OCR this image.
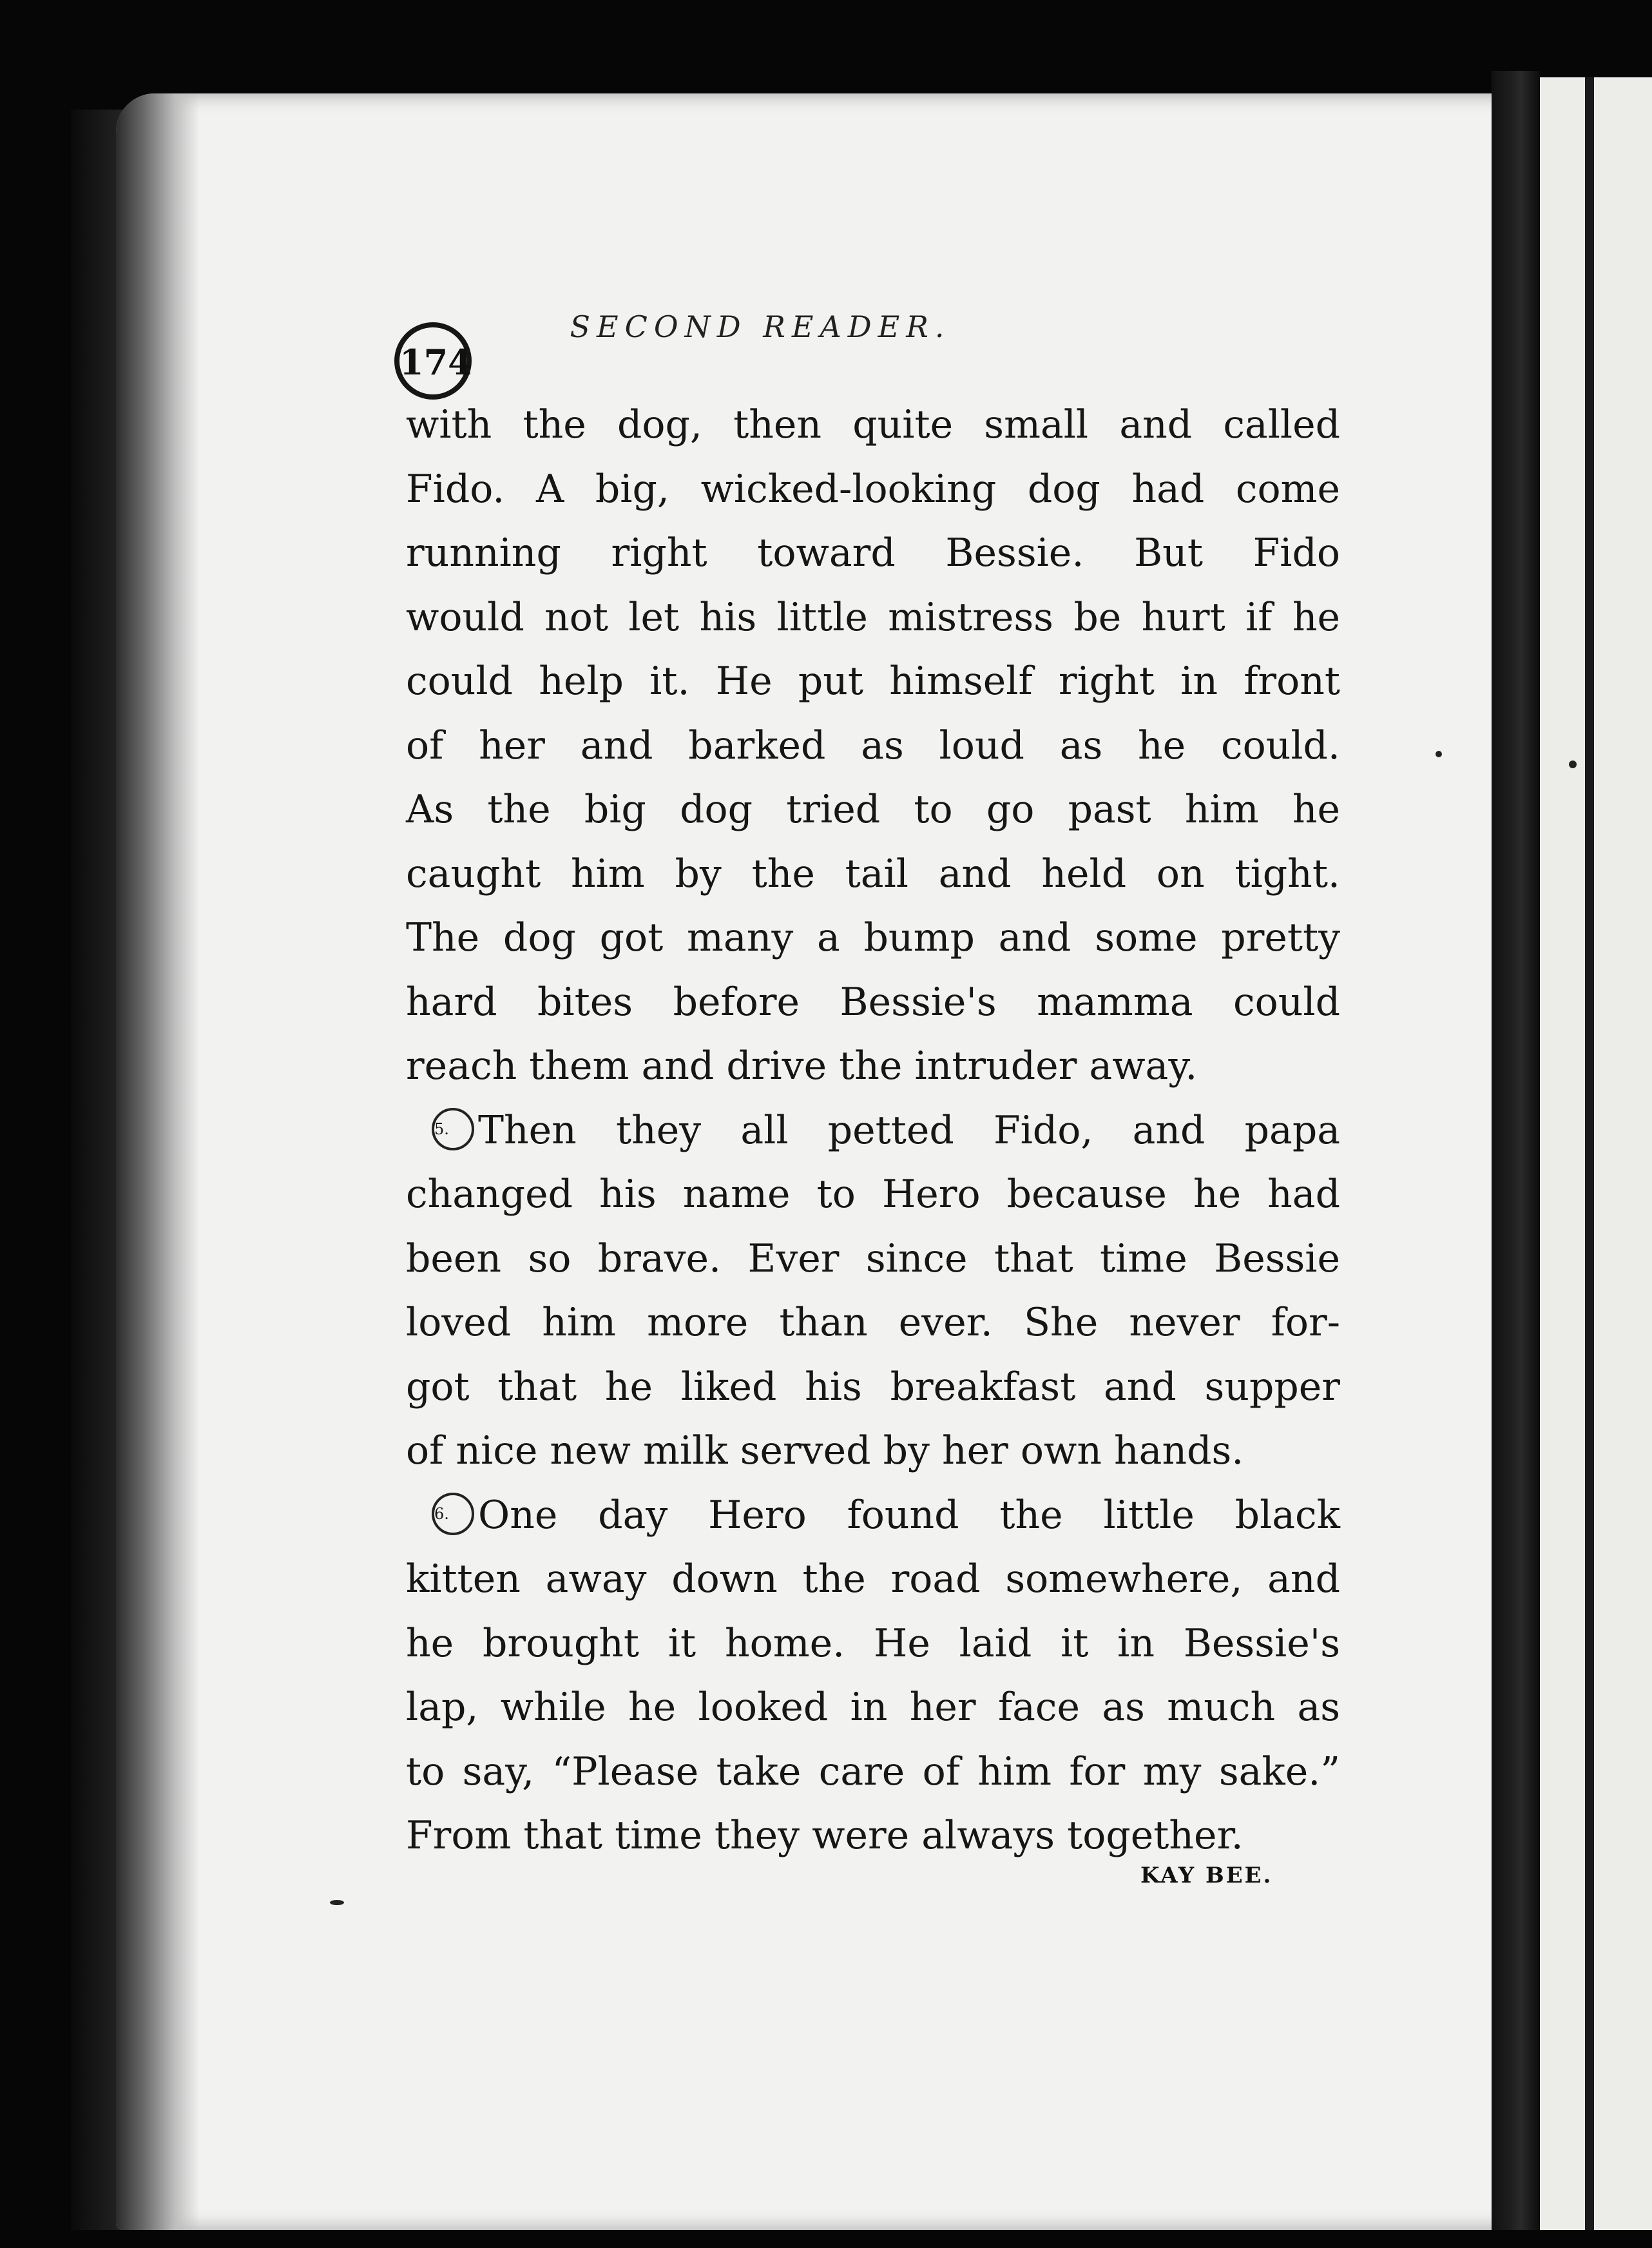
174
SECOND READER.
with the dog, then quite small and called
Fido. A big, wicked-looking dog had come
running right toward Bessie. But Fido
would not let his little mistress be hurt if he
could help it. He put himself right in front
of her and barked as loud as he could.
As the big dog tried to go past him he
caught him by the tail and held on tight.
The dog got many a bump and some pretty
hard bites before Bessie's mamma could
reach them and drive the intruder away.
5. Then they all petted Fido, and papa
changed his name to Hero because he had
been so brave. Ever since that time Bessie
loved him more than ever. She never for-
got that he liked his breakfast and supper
of nice new milk served by her own hands.
6. One day Hero found the little black
kitten away down the road somewhere, and
he brought it home. He laid it in Bessie's
lap, while he looked in her face as much as
to say, “Please take care of him for my sake.”
From that time they were always together.
KAY BEE.
